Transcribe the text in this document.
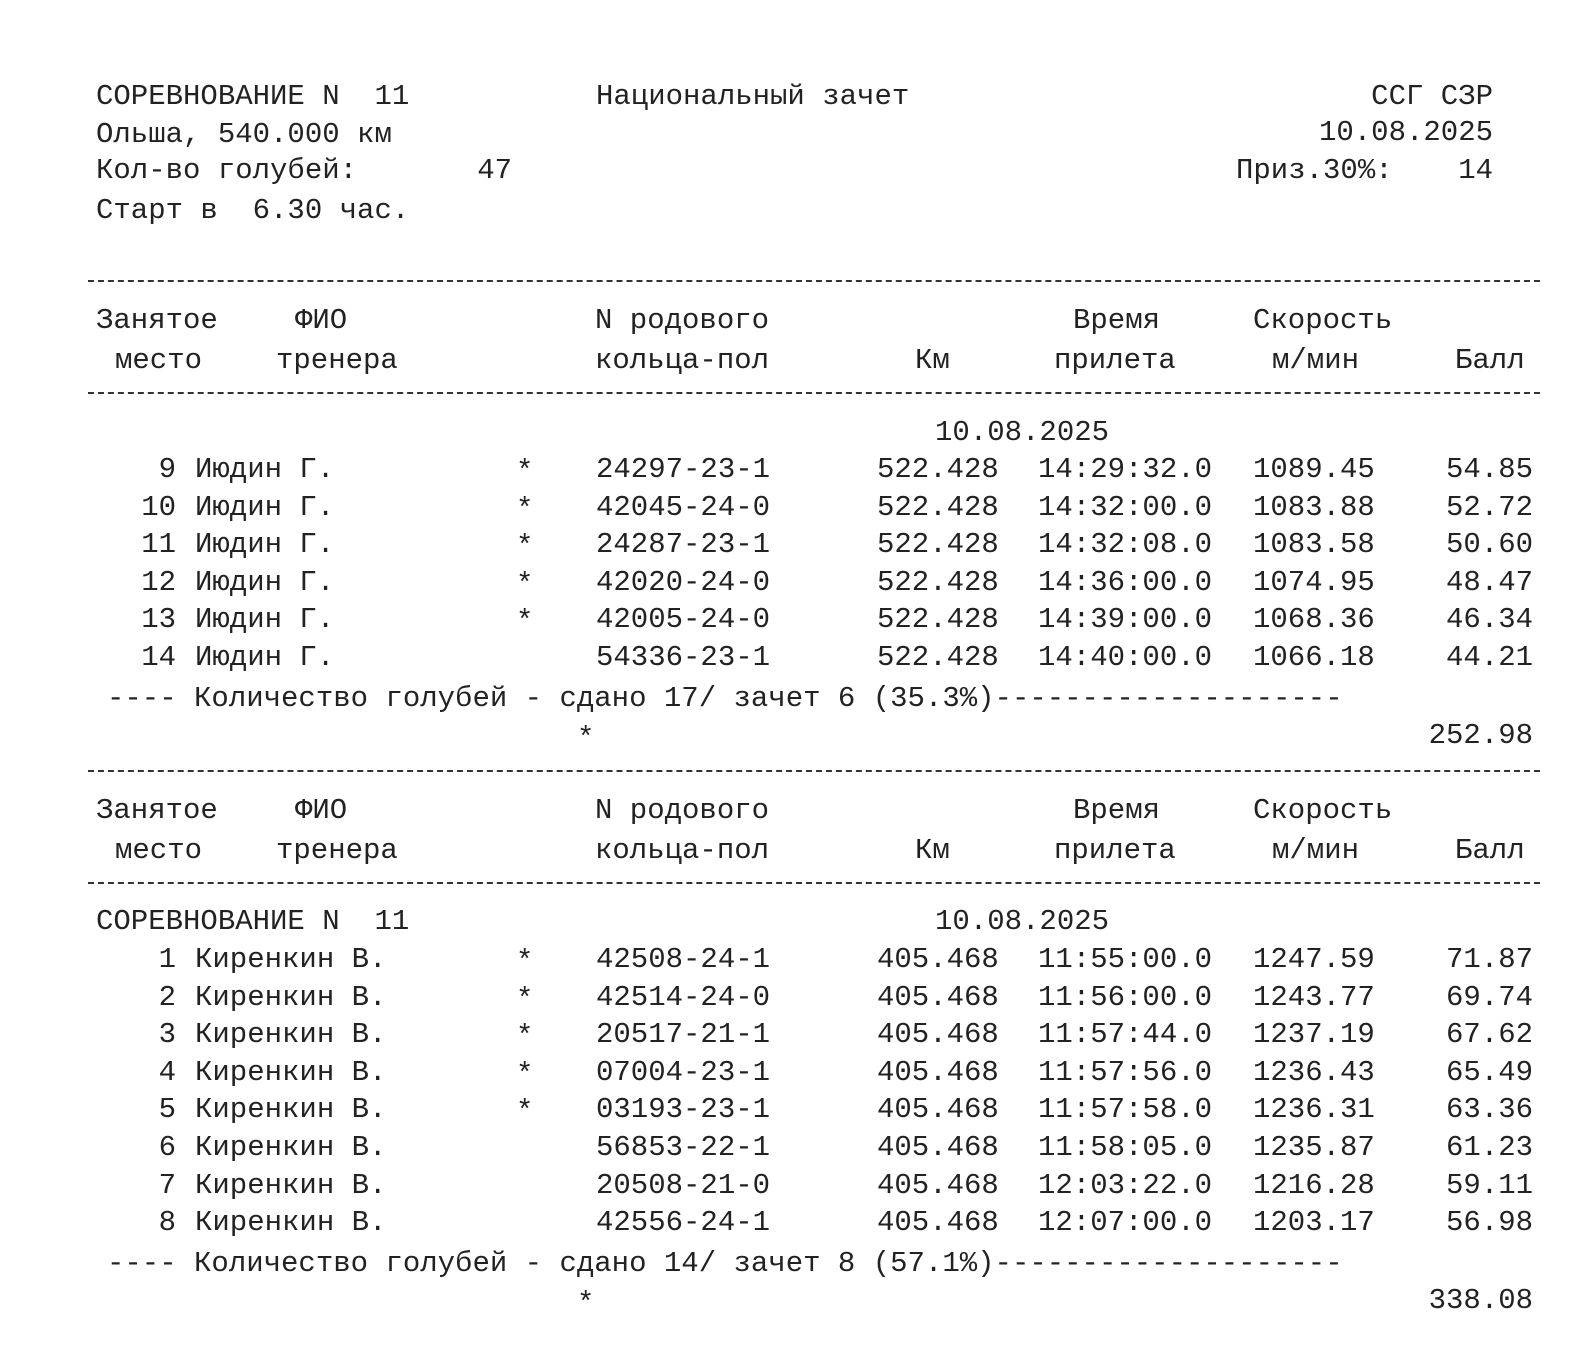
СОРЕВНОВАНИЕ N  11	Национальный зачет	ССГ СЗР
Ольша, 540.000 км	10.08.2025
Кол-во голубей:	47	Приз.30%: 14
Старт в  6.30 час.
Занятое
место
ФИО
тренера
N родового
кольца-пол	Км
Время
прилета
Скорость
м/мин	Балл
10.08.2025
9 Июдин Г.	* 24297-23-1	522.428 14:29:32.0 1089.45 54.85
10 Июдин Г.	* 42045-24-0	522.428 14:32:00.0 1083.88 52.72
11 Июдин Г.	* 24287-23-1	522.428 14:32:08.0 1083.58 50.60
12 Июдин Г.	* 42020-24-0	522.428 14:36:00.0 1074.95 48.47
13 Июдин Г.	* 42005-24-0	522.428 14:39:00.0 1068.36 46.34
14 Июдин Г.	54336-23-1	522.428 14:40:00.0 1066.18 44.21
---- Количество голубей - сдано 17/ зачет 6 (35.3%)--------------------
*	252.98
Занятое
место
ФИО
тренера
N родового
кольца-пол	Км
Время
прилета
Скорость
м/мин	Балл
СОРЕВНОВАНИЕ N  11	10.08.2025
1 Киренкин В.	* 42508-24-1	405.468 11:55:00.0 1247.59 71.87
2 Киренкин В.	* 42514-24-0	405.468 11:56:00.0 1243.77 69.74
3 Киренкин В.	* 20517-21-1	405.468 11:57:44.0 1237.19 67.62
4 Киренкин В.	* 07004-23-1	405.468 11:57:56.0 1236.43 65.49
5 Киренкин В.	* 03193-23-1	405.468 11:57:58.0 1236.31 63.36
6 Киренкин В.	56853-22-1	405.468 11:58:05.0 1235.87 61.23
7 Киренкин В.	20508-21-0	405.468 12:03:22.0 1216.28 59.11
8 Киренкин В.	42556-24-1	405.468 12:07:00.0 1203.17 56.98
---- Количество голубей - сдано 14/ зачет 8 (57.1%)--------------------
*	338.08
